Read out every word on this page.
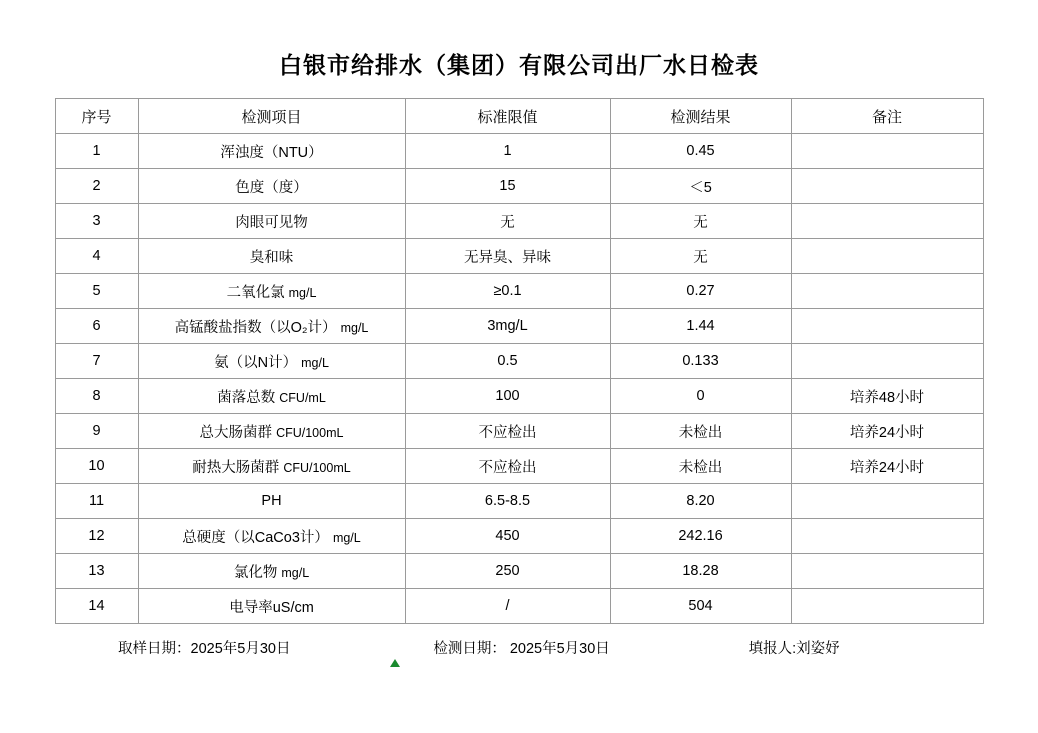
白银市给排水（集团）有限公司出厂水日检表
序号	检测项目	标准限值	检测结果	备注
1	浑浊度（NTU）	1	0.45	
2	色度（度）	15	＜5	
3	肉眼可见物	无	无	
4	臭和味	无异臭、异味	无	
5	二氧化氯 mg/L	≥0.1	0.27	
6	高锰酸盐指数（以O₂计） mg/L	3mg/L	1.44	
7	氨（以N计） mg/L	0.5	0.133	
8	菌落总数 CFU/mL	100	0	培养48小时
9	总大肠菌群 CFU/100mL	不应检出	未检出	培养24小时
10	耐热大肠菌群 CFU/100mL	不应检出	未检出	培养24小时
11	PH	6.5-8.5	8.20	
12	总硬度（以CaCo3计） mg/L	450	242.16	
13	氯化物 mg/L	250	18.28	
14	电导率uS/cm	/	504	
取样日期：2025年5月30日	检测日期： 2025年5月30日	填报人:刘姿妤
